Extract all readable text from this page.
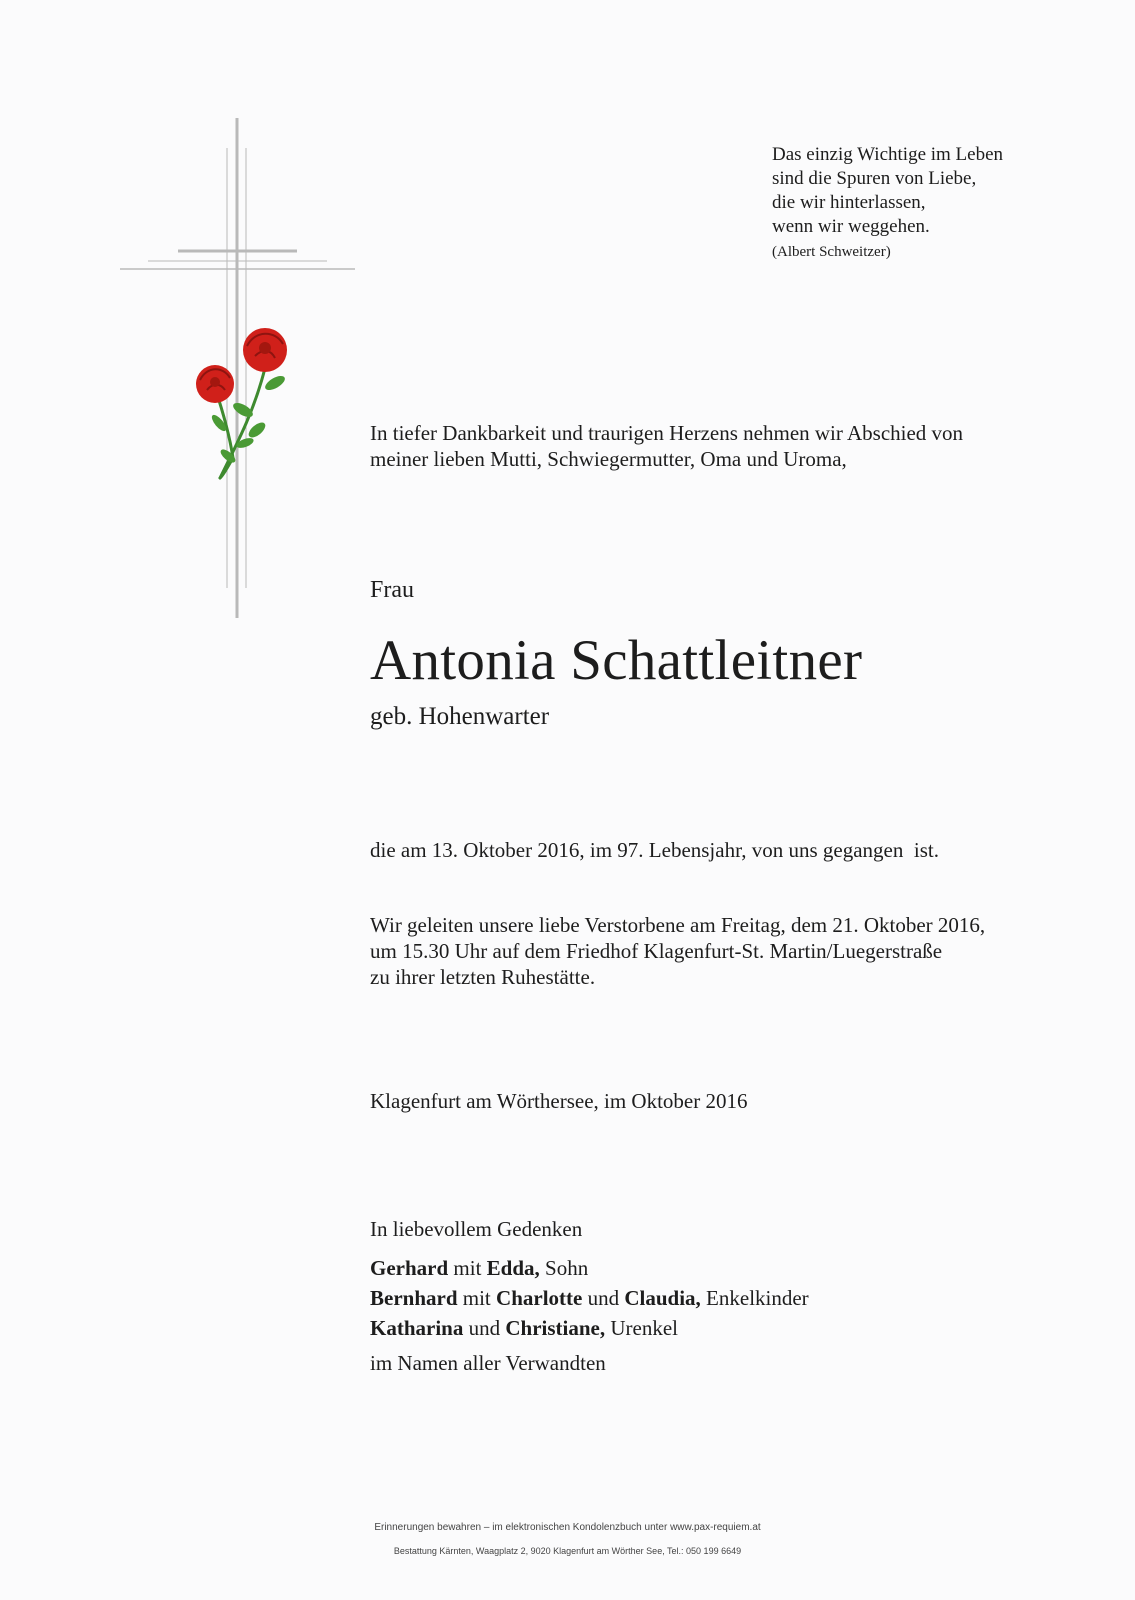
Das einzig Wichtige im Leben
sind die Spuren von Liebe,
die wir hinterlassen,
wenn wir weggehen.
(Albert Schweitzer)
In tiefer Dankbarkeit und traurigen Herzens nehmen wir Abschied von
meiner lieben Mutti, Schwiegermutter, Oma und Uroma,
Frau
Antonia Schattleitner
geb. Hohenwarter
die am 13. Oktober 2016, im 97. Lebensjahr, von uns gegangen  ist.
Wir geleiten unsere liebe Verstorbene am Freitag, dem 21. Oktober 2016,
um 15.30 Uhr auf dem Friedhof Klagenfurt-St. Martin/Luegerstraße
zu ihrer letzten Ruhestätte.
Klagenfurt am Wörthersee, im Oktober 2016
In liebevollem Gedenken
Gerhard mit Edda, Sohn
Bernhard mit Charlotte und Claudia, Enkelkinder
Katharina und Christiane, Urenkel
im Namen aller Verwandten
Erinnerungen bewahren – im elektronischen Kondolenzbuch unter www.pax-requiem.at
Bestattung Kärnten, Waagplatz 2, 9020 Klagenfurt am Wörther See, Tel.: 050 199 6649
